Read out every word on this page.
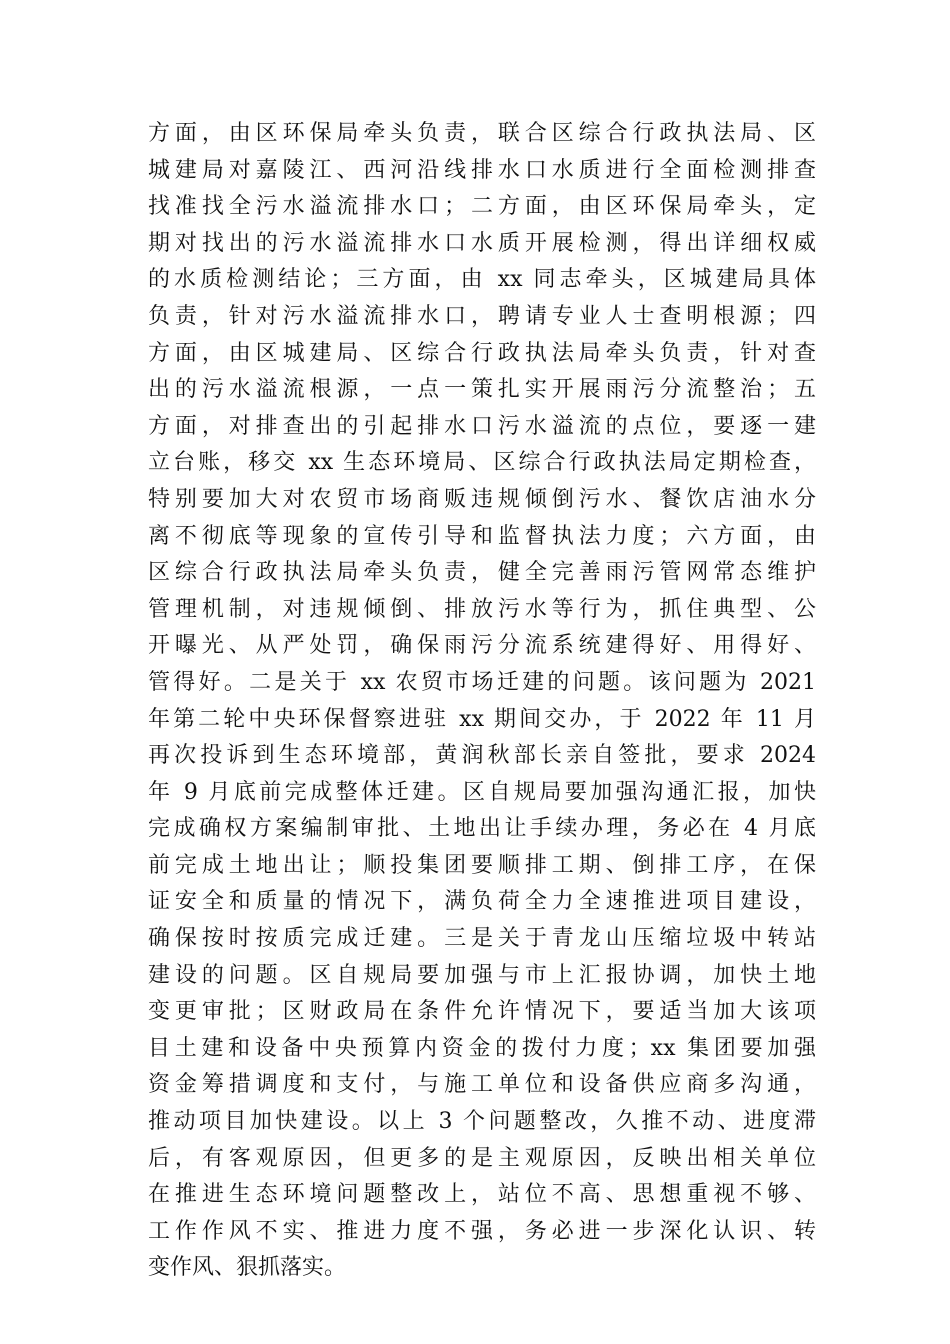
方面，由区环保局牵头负责，联合区综合行政执法局、区
城建局对嘉陵江、西河沿线排水口水质进行全面检测排查
找准找全污水溢流排水口；二方面，由区环保局牵头，定
期对找出的污水溢流排水口水质开展检测，得出详细权威
的水质检测结论；三方面，由 xx 同志牵头，区城建局具体
负责，针对污水溢流排水口，聘请专业人士查明根源；四
方面，由区城建局、区综合行政执法局牵头负责，针对查
出的污水溢流根源，一点一策扎实开展雨污分流整治；五
方面，对排查出的引起排水口污水溢流的点位，要逐一建
立台账，移交 xx 生态环境局、区综合行政执法局定期检查，
特别要加大对农贸市场商贩违规倾倒污水、餐饮店油水分
离不彻底等现象的宣传引导和监督执法力度；六方面，由
区综合行政执法局牵头负责，健全完善雨污管网常态维护
管理机制，对违规倾倒、排放污水等行为，抓住典型、公
开曝光、从严处罚，确保雨污分流系统建得好、用得好、
管得好。二是关于 xx 农贸市场迁建的问题。该问题为 2021
年第二轮中央环保督察进驻 xx 期间交办，于 2022 年 11 月
再次投诉到生态环境部，黄润秋部长亲自签批，要求 2024
年 9 月底前完成整体迁建。区自规局要加强沟通汇报，加快
完成确权方案编制审批、土地出让手续办理，务必在 4 月底
前完成土地出让；顺投集团要顺排工期、倒排工序，在保
证安全和质量的情况下，满负荷全力全速推进项目建设，
确保按时按质完成迁建。三是关于青龙山压缩垃圾中转站
建设的问题。区自规局要加强与市上汇报协调，加快土地
变更审批；区财政局在条件允许情况下，要适当加大该项
目土建和设备中央预算内资金的拨付力度；xx 集团要加强
资金筹措调度和支付，与施工单位和设备供应商多沟通，
推动项目加快建设。以上 3 个问题整改，久推不动、进度滞
后，有客观原因，但更多的是主观原因，反映出相关单位
在推进生态环境问题整改上，站位不高、思想重视不够、
工作作风不实、推进力度不强，务必进一步深化认识、转
变作风、狠抓落实。
